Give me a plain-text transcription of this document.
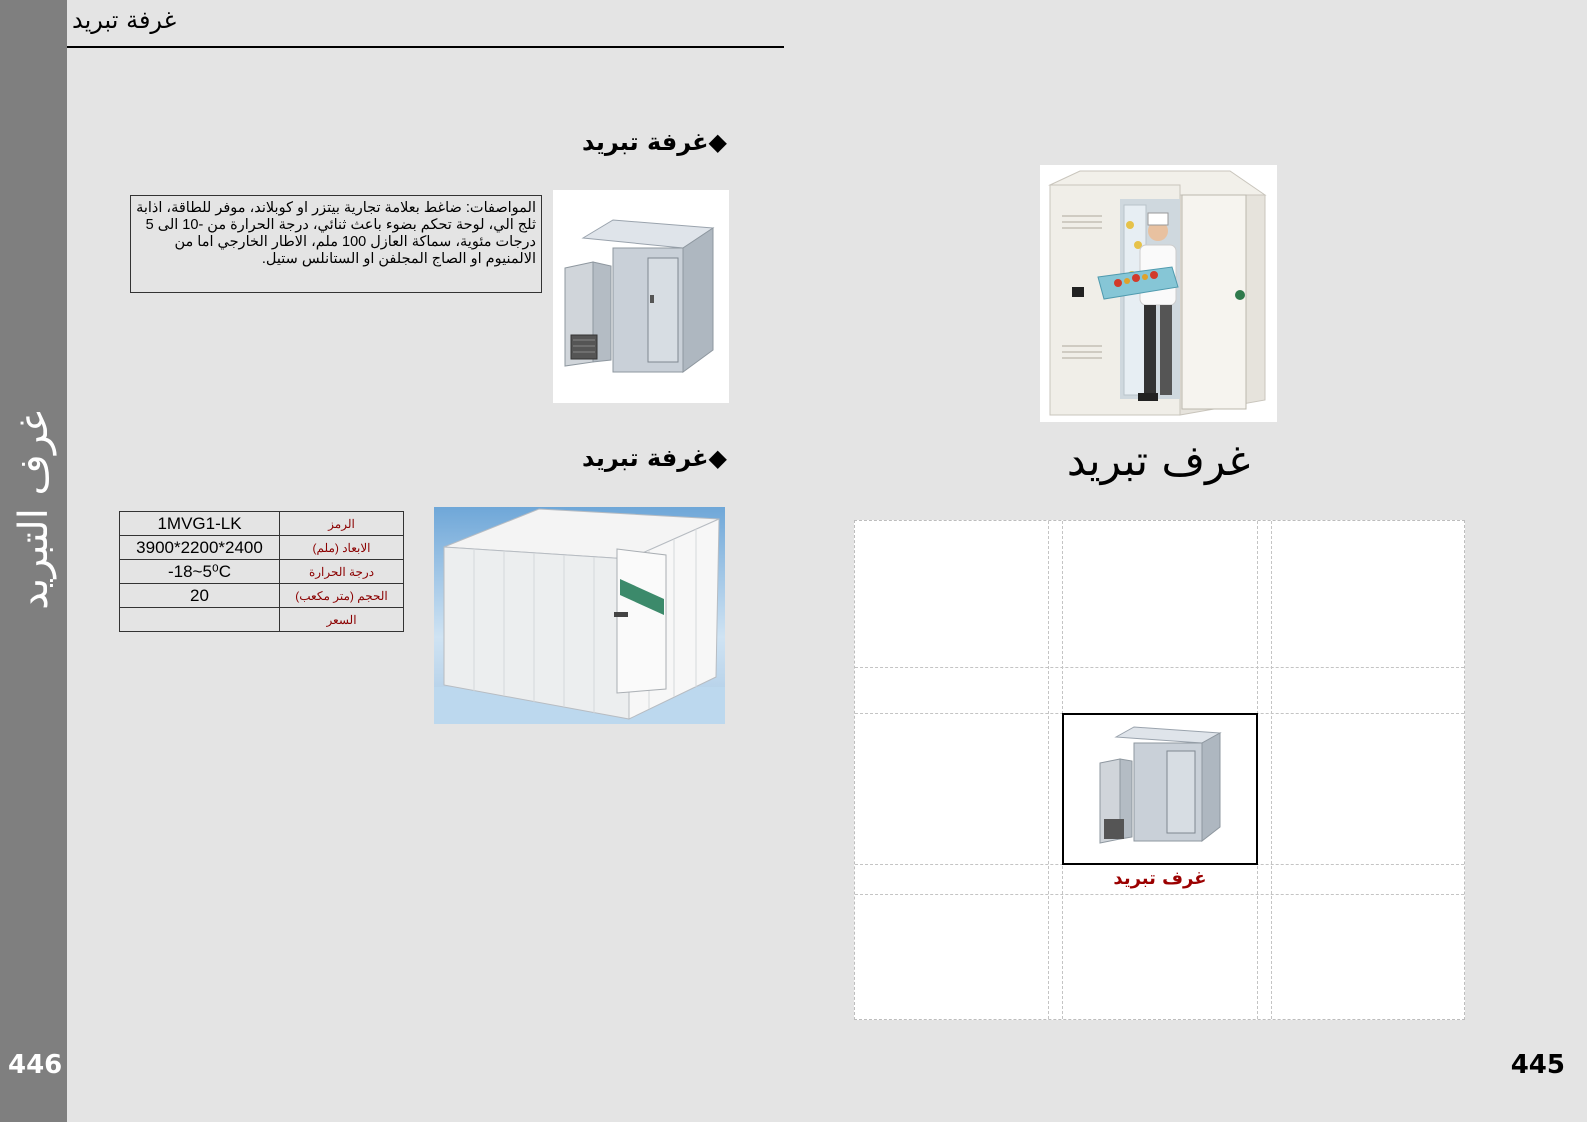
غرف التبريد
446	445
غرفة تبريد
◆غرفة تبريد
المواصفات: ضاغط بعلامة تجارية بيتزر او كوبلاند، موفر للطاقة، اذابة ثلج الي، لوحة تحكم بضوء باعث ثنائي، درجة الحرارة من -10 الى 5 درجات مئوية، سماكة العازل 100 ملم، الاطار الخارجي اما من الالمنيوم او الصاج المجلفن او الستانلس ستيل.
◆غرفة تبريد
1MVG1-LK	الرمز
3900*2200*2400	الابعاد (ملم)
-18~5⁰C	درجة الحرارة
20	الحجم (متر مكعب)
	السعر
غرف تبريد
غرف تبريد
